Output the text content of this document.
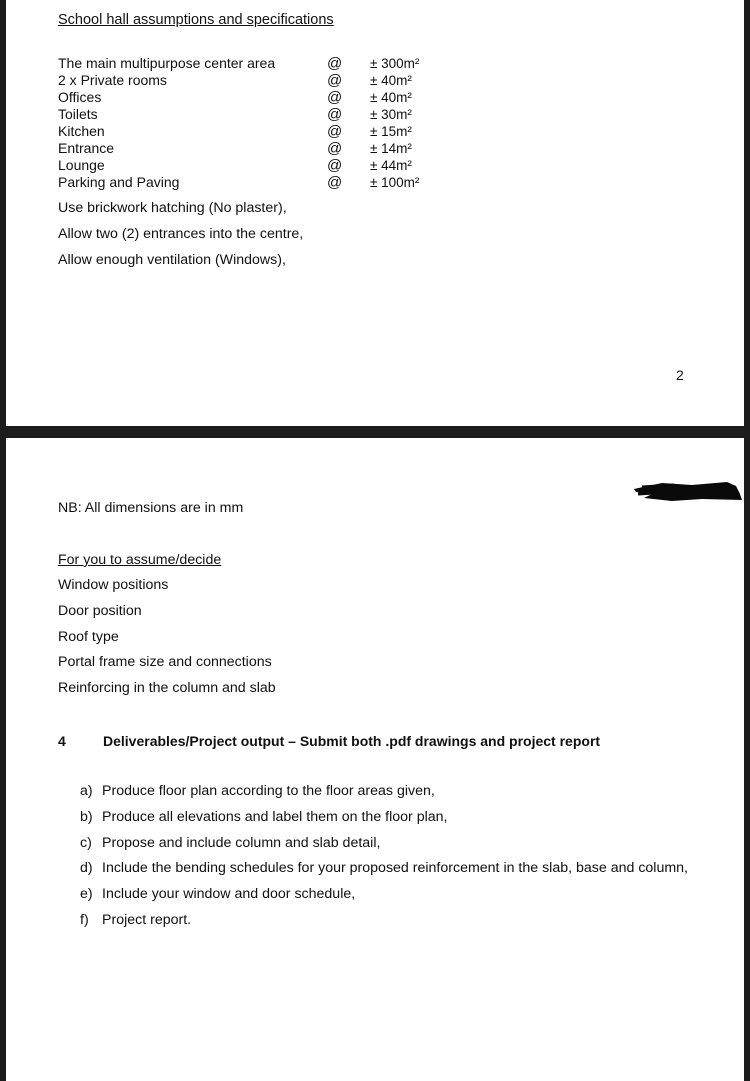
School hall assumptions and specifications
The main multipurpose center area	@ ± 300m²
2 x Private rooms	@ ± 40m²
Offices	@ ± 40m²
Toilets	@ ± 30m²
Kitchen	@ ± 15m²
Entrance	@ ± 14m²
Lounge	@ ± 44m²
Parking and Paving	@ ± 100m²
Use brickwork hatching (No plaster),
Allow two (2) entrances into the centre,
Allow enough ventilation (Windows),
2
NB: All dimensions are in mm
For you to assume/decide
Window positions
Door position
Roof type
Portal frame size and connections
Reinforcing in the column and slab
4	Deliverables/Project output – Submit both .pdf drawings and project report
a) Produce floor plan according to the floor areas given,
b) Produce all elevations and label them on the floor plan,
c) Propose and include column and slab detail,
d) Include the bending schedules for your proposed reinforcement in the slab, base and column,
e) Include your window and door schedule,
f) Project report.
